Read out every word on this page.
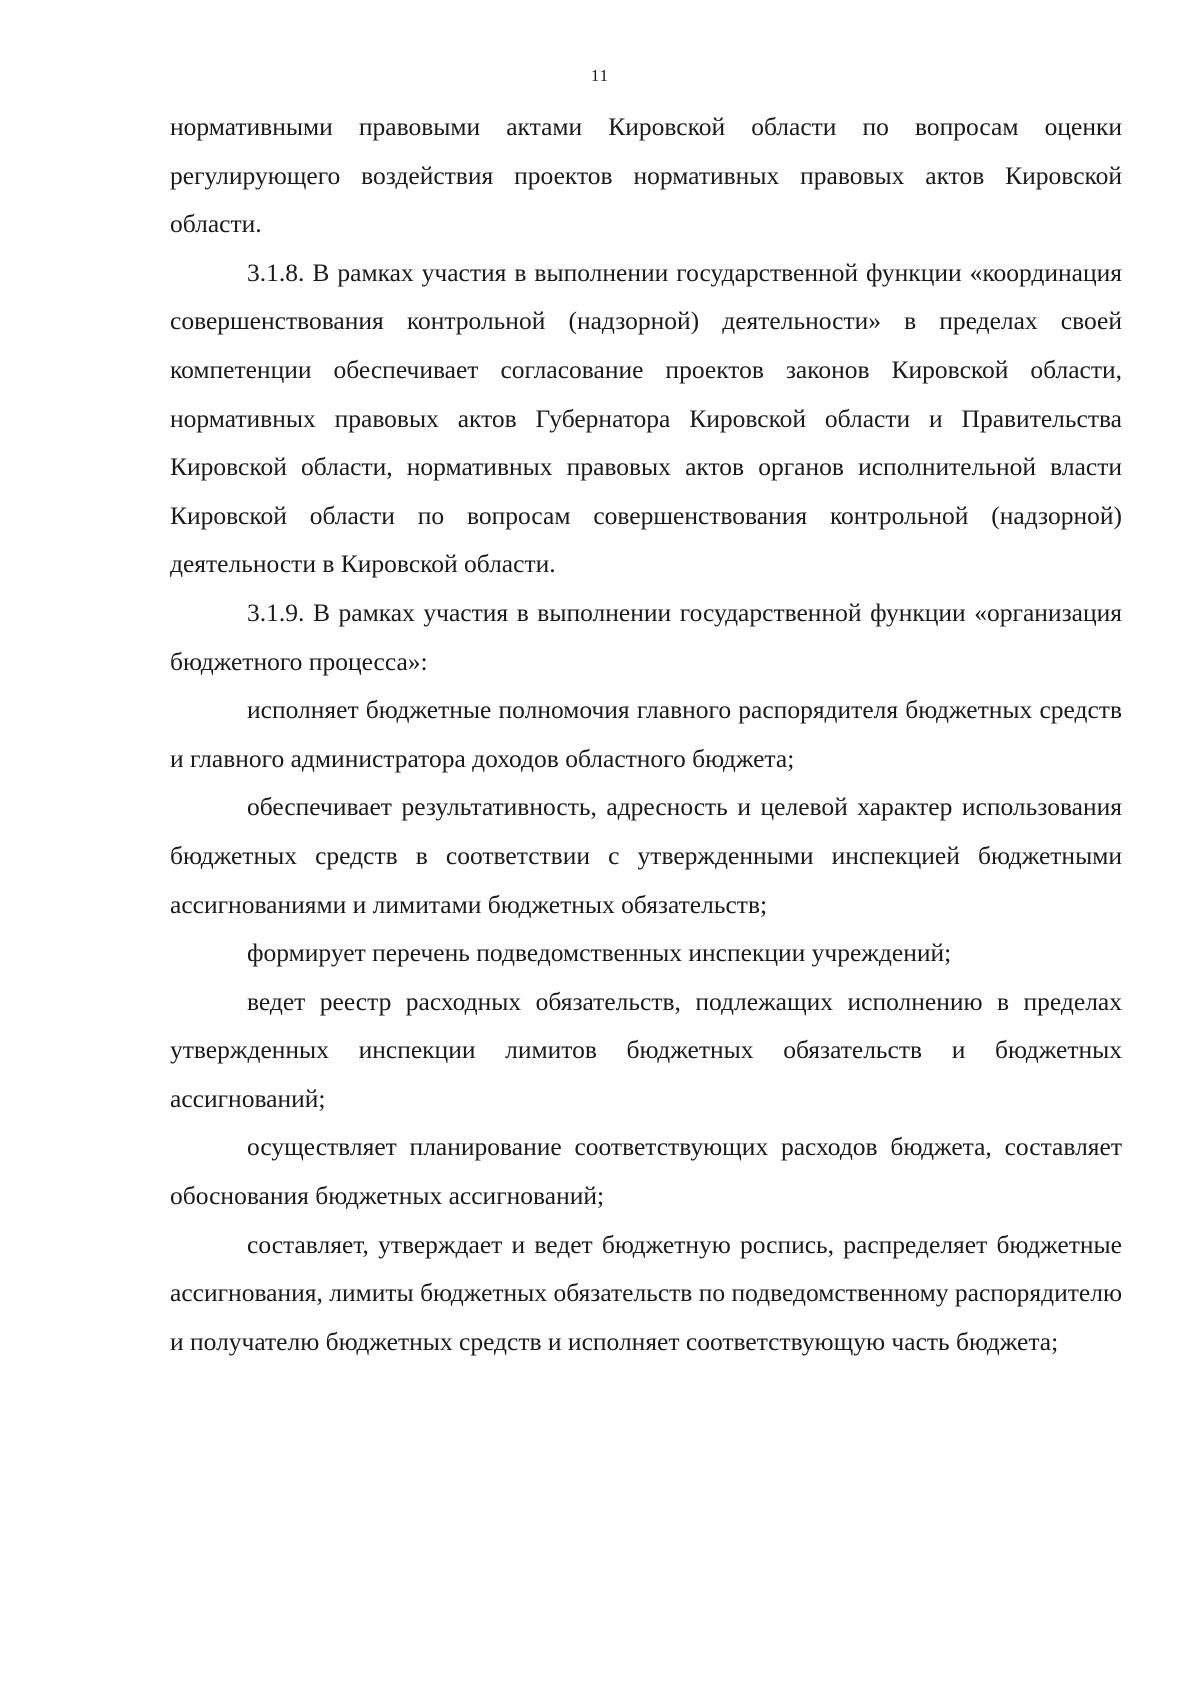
11

нормативными правовыми актами Кировской области по вопросам оценки регулирующего воздействия проектов нормативных правовых актов Кировской области.

3.1.8. В рамках участия в выполнении государственной функции «координация совершенствования контрольной (надзорной) деятельности» в пределах своей компетенции обеспечивает согласование проектов законов Кировской области, нормативных правовых актов Губернатора Кировской области и Правительства Кировской области, нормативных правовых актов органов исполнительной власти Кировской области по вопросам совершенствования контрольной (надзорной) деятельности в Кировской области.

3.1.9. В рамках участия в выполнении государственной функции «организация бюджетного процесса»:

исполняет бюджетные полномочия главного распорядителя бюджетных средств и главного администратора доходов областного бюджета;

обеспечивает результативность, адресность и целевой характер использования бюджетных средств в соответствии с утвержденными инспекцией бюджетными ассигнованиями и лимитами бюджетных обязательств;

формирует перечень подведомственных инспекции учреждений;

ведет реестр расходных обязательств, подлежащих исполнению в пределах утвержденных инспекции лимитов бюджетных обязательств и бюджетных ассигнований;

осуществляет планирование соответствующих расходов бюджета, составляет обоснования бюджетных ассигнований;

составляет, утверждает и ведет бюджетную роспись, распределяет бюджетные ассигнования, лимиты бюджетных обязательств по подведомственному распорядителю и получателю бюджетных средств и исполняет соответствующую часть бюджета;
